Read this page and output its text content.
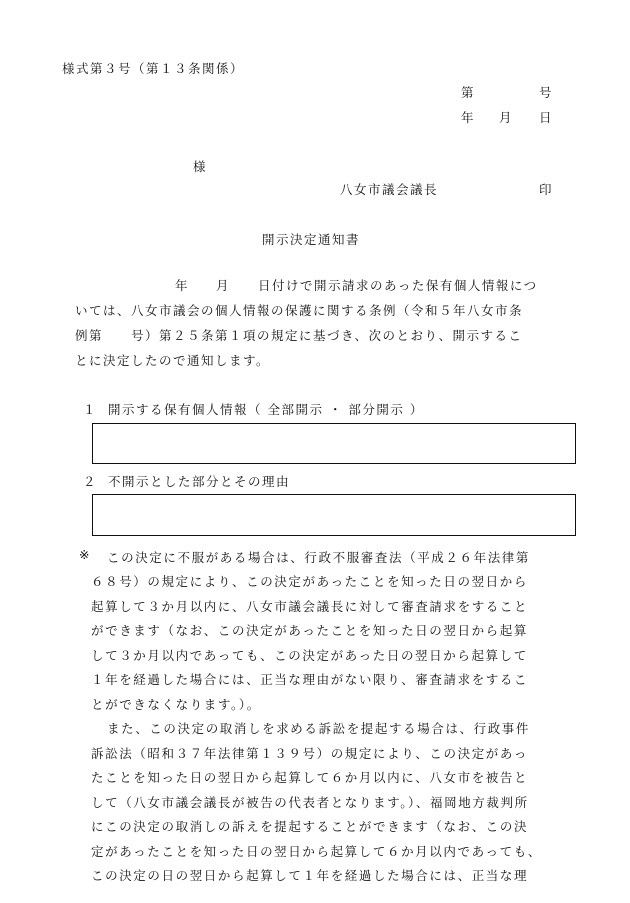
様式第３号（第１３条関係）
第	号
年 月 日
様
八女市議会議長	印
開示決定通知書
年 月 日付けで開示請求のあった保有個人情報につ
いては、八女市議会の個人情報の保護に関する条例（令和５年八女市条
例第　　号）第２５条第１項の規定に基づき、次のとおり、開示するこ
とに決定したので通知します。
１ 開示する保有個人情報（ 全部開示 ・ 部分開示 ）
２ 不開示とした部分とその理由
※ この決定に不服がある場合は、行政不服審査法（平成２６年法律第
６８号）の規定により、この決定があったことを知った日の翌日から
起算して３か月以内に、八女市議会議長に対して審査請求をすること
ができます（なお、この決定があったことを知った日の翌日から起算
して３か月以内であっても、この決定があった日の翌日から起算して
１年を経過した場合には、正当な理由がない限り、審査請求をするこ
とができなくなります。）。
また、この決定の取消しを求める訴訟を提起する場合は、行政事件
訴訟法（昭和３７年法律第１３９号）の規定により、この決定があっ
たことを知った日の翌日から起算して６か月以内に、八女市を被告と
して（八女市議会議長が被告の代表者となります。）、福岡地方裁判所
にこの決定の取消しの訴えを提起することができます（なお、この決
定があったことを知った日の翌日から起算して６か月以内であっても、
この決定の日の翌日から起算して１年を経過した場合には、正当な理
